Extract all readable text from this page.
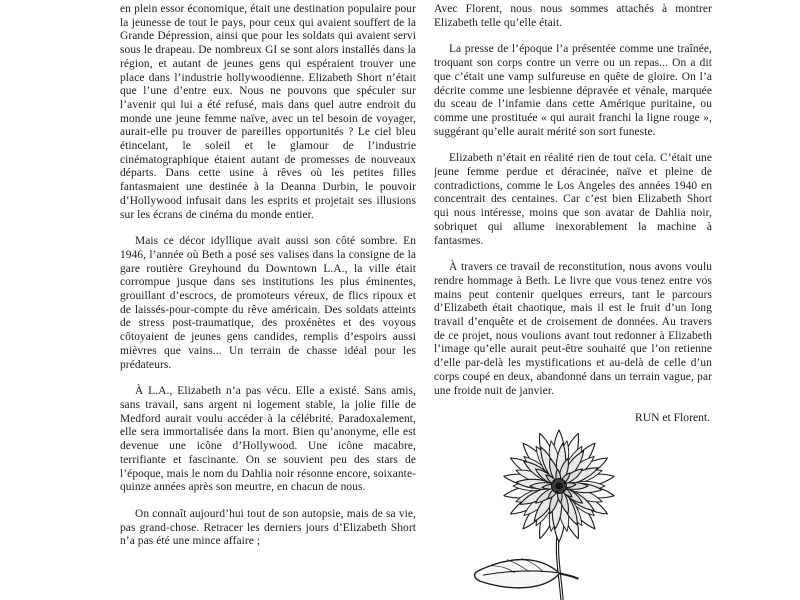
en plein essor économique, était une destination populaire pour la jeunesse de tout le pays, pour ceux qui avaient souffert de la Grande Dépression, ainsi que pour les soldats qui avaient servi sous le drapeau. De nombreux GI se sont alors installés dans la région, et autant de jeunes gens qui espéraient trouver une place dans l’industrie hollywoodienne. Elizabeth Short n’était que l’une d’entre eux. Nous ne pouvons que spéculer sur l’avenir qui lui a été refusé, mais dans quel autre endroit du monde une jeune femme naïve, avec un tel besoin de voyager, aurait-elle pu trouver de pareilles opportunités ? Le ciel bleu étincelant, le soleil et le glamour de l’industrie cinématographique étaient autant de promesses de nouveaux départs. Dans cette usine à rêves où les petites filles fantasmaient une destinée à la Deanna Durbin, le pouvoir d’Hollywood infusait dans les esprits et projetait ses illusions sur les écrans de cinéma du monde entier.

Mais ce décor idyllique avait aussi son côté sombre. En 1946, l’année où Beth a posé ses valises dans la consigne de la gare routière Greyhound du Downtown L.A., la ville était corrompue jusque dans ses institutions les plus éminentes, grouillant d’escrocs, de promoteurs véreux, de flics ripoux et de laissés-pour-compte du rêve américain. Des soldats atteints de stress post-traumatique, des proxénètes et des voyous côtoyaient de jeunes gens candides, remplis d’espoirs aussi mièvres que vains... Un terrain de chasse idéal pour les prédateurs.

À L.A., Elizabeth n’a pas vécu. Elle a existé. Sans amis, sans travail, sans argent ni logement stable, la jolie fille de Medford aurait voulu accéder à la célébrité. Paradoxalement, elle sera immortalisée dans la mort. Bien qu’anonyme, elle est devenue une icône d’Hollywood. Une icône macabre, terrifiante et fascinante. On se souvient peu des stars de l’époque, mais le nom du Dahlia noir résonne encore, soixante-quinze années après son meurtre, en chacun de nous.

On connaît aujourd’hui tout de son autopsie, mais de sa vie, pas grand-chose. Retracer les derniers jours d’Elizabeth Short n’a pas été une mince affaire ;

Avec Florent, nous nous sommes attachés à montrer Elizabeth telle qu’elle était.

La presse de l’époque l’a présentée comme une traînée, troquant son corps contre un verre ou un repas... On a dit que c’était une vamp sulfureuse en quête de gloire. On l’a décrite comme une lesbienne dépravée et vénale, marquée du sceau de l’infamie dans cette Amérique puritaine, ou comme une prostituée « qui aurait franchi la ligne rouge », suggérant qu’elle aurait mérité son sort funeste.

Elizabeth n’était en réalité rien de tout cela. C’était une jeune femme perdue et déracinée, naïve et pleine de contradictions, comme le Los Angeles des années 1940 en concentrait des centaines. Car c’est bien Elizabeth Short qui nous intéresse, moins que son avatar de Dahlia noir, sobriquet qui allume inexorablement la machine à fantasmes.

À travers ce travail de reconstitution, nous avons voulu rendre hommage à Beth. Le livre que vous tenez entre vos mains peut contenir quelques erreurs, tant le parcours d’Elizabeth était chaotique, mais il est le fruit d’un long travail d’enquête et de croisement de données. Au travers de ce projet, nous voulions avant tout redonner à Elizabeth l’image qu’elle aurait peut-être souhaité que l’on retienne d’elle par-delà les mystifications et au-delà de celle d’un corps coupé en deux, abandonné dans un terrain vague, par une froide nuit de janvier.

RUN et Florent.
